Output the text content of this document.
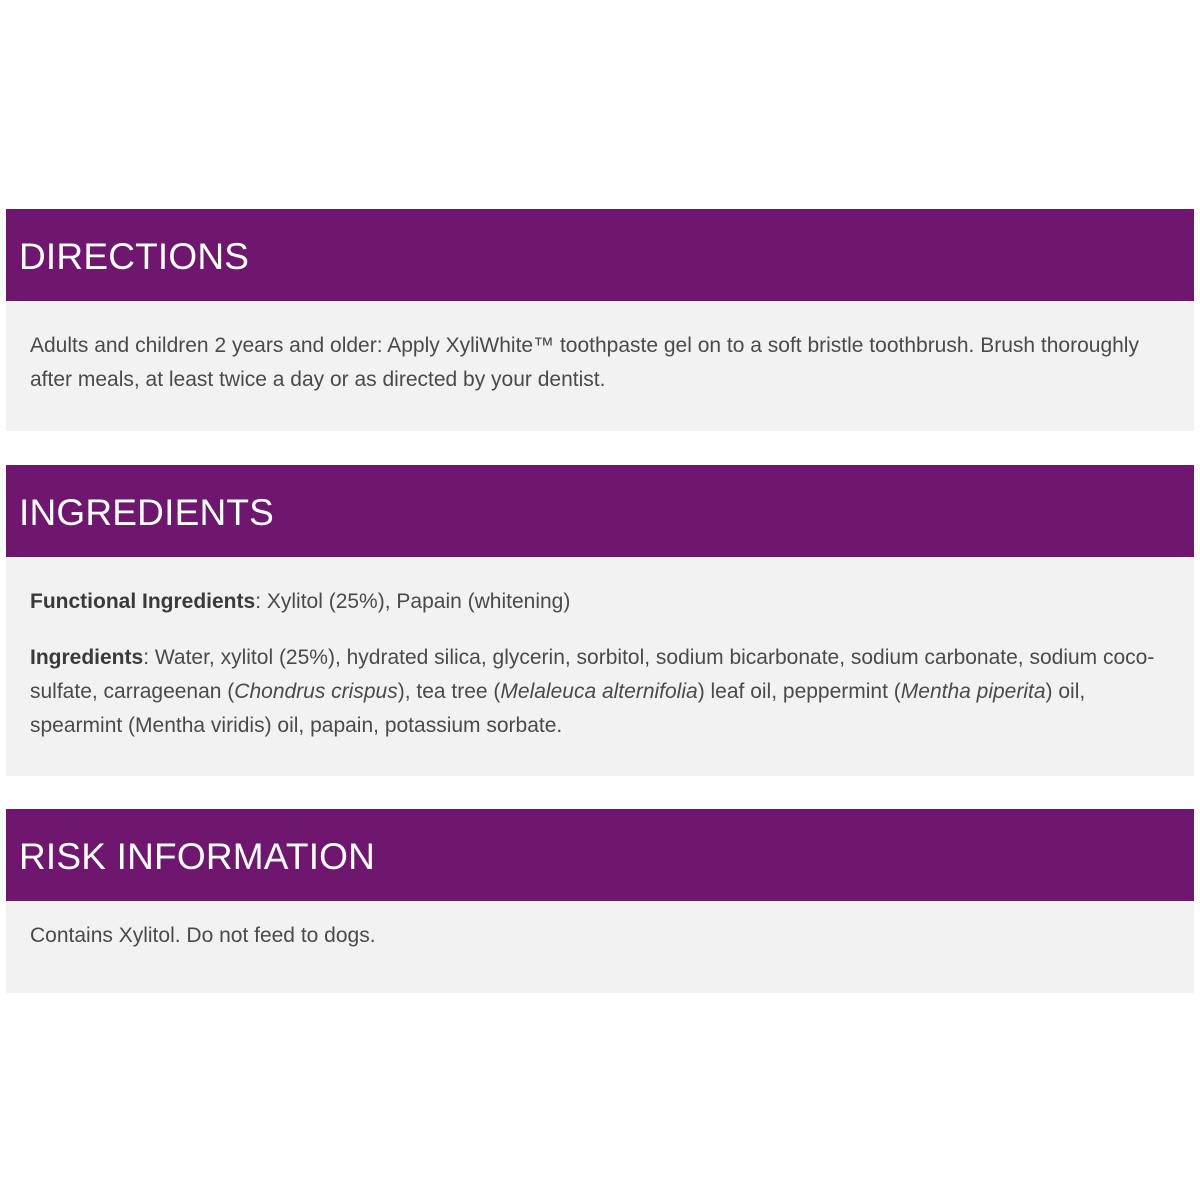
DIRECTIONS

Adults and children 2 years and older: Apply XyliWhite™ toothpaste gel on to a soft bristle toothbrush. Brush thoroughly after meals, at least twice a day or as directed by your dentist.

INGREDIENTS

Functional Ingredients: Xylitol (25%), Papain (whitening)

Ingredients: Water, xylitol (25%), hydrated silica, glycerin, sorbitol, sodium bicarbonate, sodium carbonate, sodium coco-sulfate, carrageenan (Chondrus crispus), tea tree (Melaleuca alternifolia) leaf oil, peppermint (Mentha piperita) oil, spearmint (Mentha viridis) oil, papain, potassium sorbate.

RISK INFORMATION

Contains Xylitol. Do not feed to dogs.
